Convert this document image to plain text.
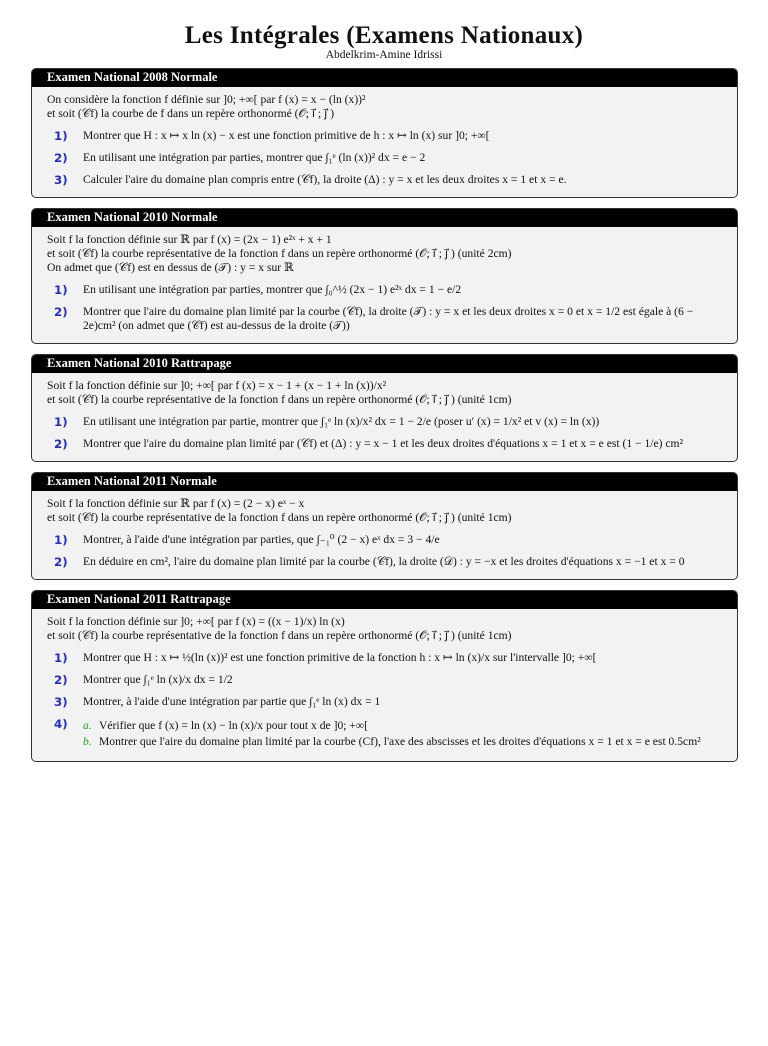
Les Intégrales (Examens Nationaux)
Abdelkrim-Amine Idrissi
Examen National 2008 Normale

On considère la fonction f définie sur ]0; +∞[ par f (x) = x − (ln (x))²

et soit (𝒞f) la courbe de f dans un repère orthonormé (𝒪; i⃗ ; j⃗ )

1)	Montrer que H : x ↦ x ln (x) − x est une fonction primitive de h : x ↦ ln (x) sur ]0; +∞[
2)	En utilisant une intégration par parties, montrer que ∫₁ᵉ (ln (x))² dx = e − 2
3)	Calculer l'aire du domaine plan compris entre (𝒞f), la droite (Δ) : y = x et les deux droites x = 1 et x = e.
Examen National 2010 Normale

Soit f la fonction définie sur ℝ par f (x) = (2x − 1) e²ˣ + x + 1

et soit (𝒞f) la courbe représentative de la fonction f dans un repère orthonormé (𝒪; i⃗ ; j⃗ ) (unité 2cm)

On admet que (𝒞f) est en dessus de (𝒯) : y = x sur ℝ

1)	En utilisant une intégration par parties, montrer que ∫₀^½ (2x − 1) e²ˣ dx = 1 − e/2
2)	Montrer que l'aire du domaine plan limité par la courbe (𝒞f), la droite (𝒯) : y = x et les deux droites x = 0 et x = 1/2 est égale à (6 − 2e)cm² (on admet que (𝒞f) est au-dessus de la droite (𝒯))
Examen National 2010 Rattrapage

Soit f la fonction définie sur ]0; +∞[ par f (x) = x − 1 + (x − 1 + ln (x))/x²

et soit (𝒞f) la courbe représentative de la fonction f dans un repère orthonormé (𝒪; i⃗ ; j⃗ ) (unité 1cm)

1)	En utilisant une intégration par partie, montrer que ∫₁ᵉ ln (x)/x² dx = 1 − 2/e (poser u′ (x) = 1/x² et v (x) = ln (x))
2)	Montrer que l'aire du domaine plan limité par (𝒞f) et (Δ) : y = x − 1 et les deux droites d'équations x = 1 et x = e est (1 − 1/e) cm²
Examen National 2011 Normale

Soit f la fonction définie sur ℝ par f (x) = (2 − x) eˣ − x

et soit (𝒞f) la courbe représentative de la fonction f dans un repère orthonormé (𝒪; i⃗ ; j⃗ ) (unité 1cm)

1)	Montrer, à l'aide d'une intégration par parties, que ∫₋₁⁰ (2 − x) eˣ dx = 3 − 4/e
2)	En déduire en cm², l'aire du domaine plan limité par la courbe (𝒞f), la droite (𝒟) : y = −x et les droites d'équations x = −1 et x = 0
Examen National 2011 Rattrapage

Soit f la fonction définie sur ]0; +∞[ par f (x) = ((x − 1)/x) ln (x)

et soit (𝒞f) la courbe représentative de la fonction f dans un repère orthonormé (𝒪; i⃗ ; j⃗ ) (unité 1cm)

1)	Montrer que H : x ↦ ½(ln (x))² est une fonction primitive de la fonction h : x ↦ ln (x)/x sur l'intervalle ]0; +∞[
2)	Montrer que ∫₁ᵉ ln (x)/x dx = 1/2
3)	Montrer, à l'aide d'une intégration par partie que ∫₁ᵉ ln (x) dx = 1
4)	a. Vérifier que f (x) = ln (x) − ln (x)/x pour tout x de ]0; +∞[
b. Montrer que l'aire du domaine plan limité par la courbe (Cf), l'axe des abscisses et les droites d'équations x = 1 et x = e est 0.5cm²
